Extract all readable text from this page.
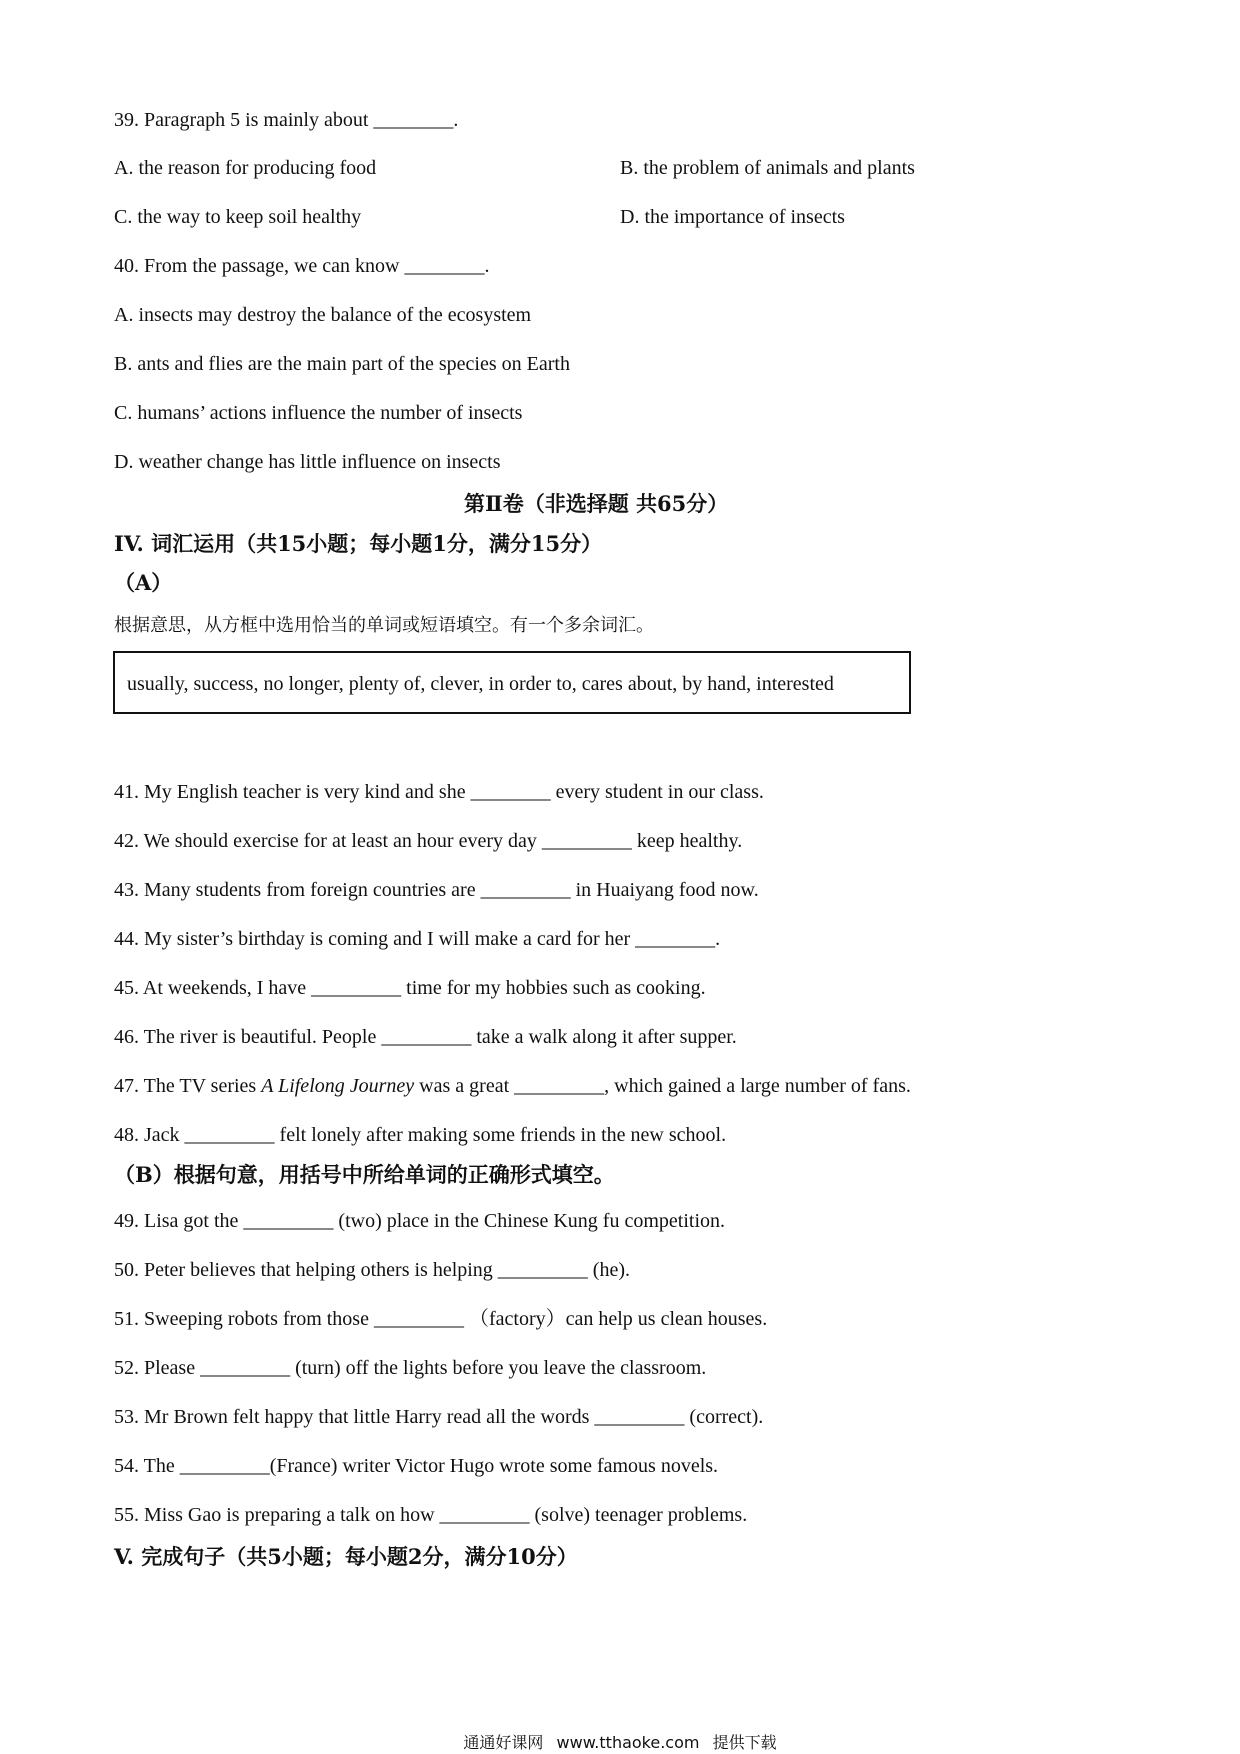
39. Paragraph 5 is mainly about ________.
A. the reason for producing food	B. the problem of animals and plants
C. the way to keep soil healthy	D. the importance of insects
40. From the passage, we can know ________.
A. insects may destroy the balance of the ecosystem
B. ants and flies are the main part of the species on Earth
C. humans’ actions influence the number of insects
D. weather change has little influence on insects
第Ⅱ卷（非选择题 共65分）
IV. 词汇运用（共15小题；每小题1分，满分15分）
（A）
根据意思，从方框中选用恰当的单词或短语填空。有一个多余词汇。
usually, success, no longer, plenty of, clever, in order to, cares about, by hand, interested
41. My English teacher is very kind and she ________ every student in our class.
42. We should exercise for at least an hour every day _________ keep healthy.
43. Many students from foreign countries are _________ in Huaiyang food now.
44. My sister’s birthday is coming and I will make a card for her ________.
45. At weekends, I have _________ time for my hobbies such as cooking.
46. The river is beautiful. People _________ take a walk along it after supper.
47. The TV series A Lifelong Journey was a great _________, which gained a large number of fans.
48. Jack _________ felt lonely after making some friends in the new school.
（B）根据句意，用括号中所给单词的正确形式填空。
49. Lisa got the _________ (two) place in the Chinese Kung fu competition.
50. Peter believes that helping others is helping _________ (he).
51. Sweeping robots from those _________ （factory）can help us clean houses.
52. Please _________ (turn) off the lights before you leave the classroom.
53. Mr Brown felt happy that little Harry read all the words _________ (correct).
54. The _________(France) writer Victor Hugo wrote some famous novels.
55. Miss Gao is preparing a talk on how _________ (solve) teenager problems.
V. 完成句子（共5小题；每小题2分，满分10分）
通通好课网 www.tthaoke.com 提供下载
